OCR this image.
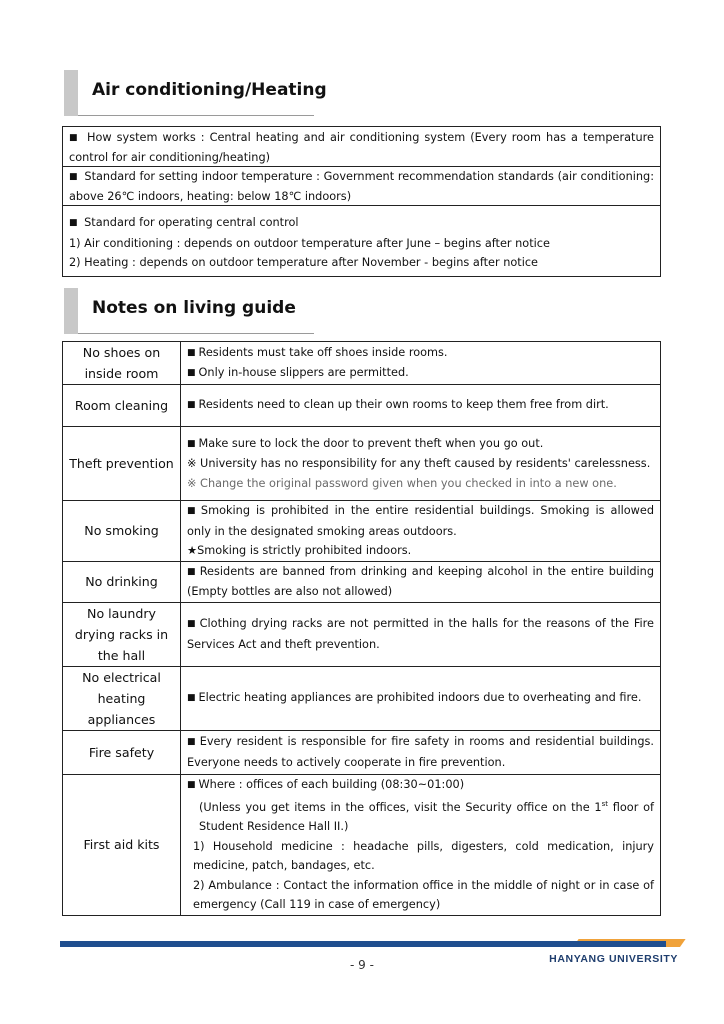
Air conditioning/Heating
■ How system works : Central heating and air conditioning system (Every room has a temperature control for air conditioning/heating)
■ Standard for setting indoor temperature : Government recommendation standards (air conditioning: above 26℃ indoors, heating: below 18℃ indoors)
■ Standard for operating central control
1) Air conditioning : depends on outdoor temperature after June – begins after notice
2) Heating : depends on outdoor temperature after November - begins after notice
Notes on living guide
No shoes on inside room	■ Residents must take off shoes inside rooms.
■ Only in-house slippers are permitted.

Room cleaning	■ Residents need to clean up their own rooms to keep them free from dirt.
Theft prevention	■ Make sure to lock the door to prevent theft when you go out.
※ University has no responsibility for any theft caused by residents' carelessness.
※ Change the original password given when you checked in into a new one.

No smoking	■ Smoking is prohibited in the entire residential buildings. Smoking is allowed only in the designated smoking areas outdoors.
★Smoking is strictly prohibited indoors.

No drinking	■ Residents are banned from drinking and keeping alcohol in the entire building (Empty bottles are also not allowed)
No laundry drying racks in the hall	■ Clothing drying racks are not permitted in the halls for the reasons of the Fire Services Act and theft prevention.
No electrical heating appliances	■ Electric heating appliances are prohibited indoors due to overheating and fire.
Fire safety	■ Every resident is responsible for fire safety in rooms and residential buildings. Everyone needs to actively cooperate in fire prevention.
First aid kits	■ Where : offices of each building (08:30~01:00)
(Unless you get items in the offices, visit the Security office on the 1st floor of Student Residence Hall II.)
1) Household medicine : headache pills, digesters, cold medication, injury medicine, patch, bandages, etc.
2) Ambulance : Contact the information office in the middle of night or in case of emergency (Call 119 in case of emergency)
HANYANG UNIVERSITY
- 9 -
